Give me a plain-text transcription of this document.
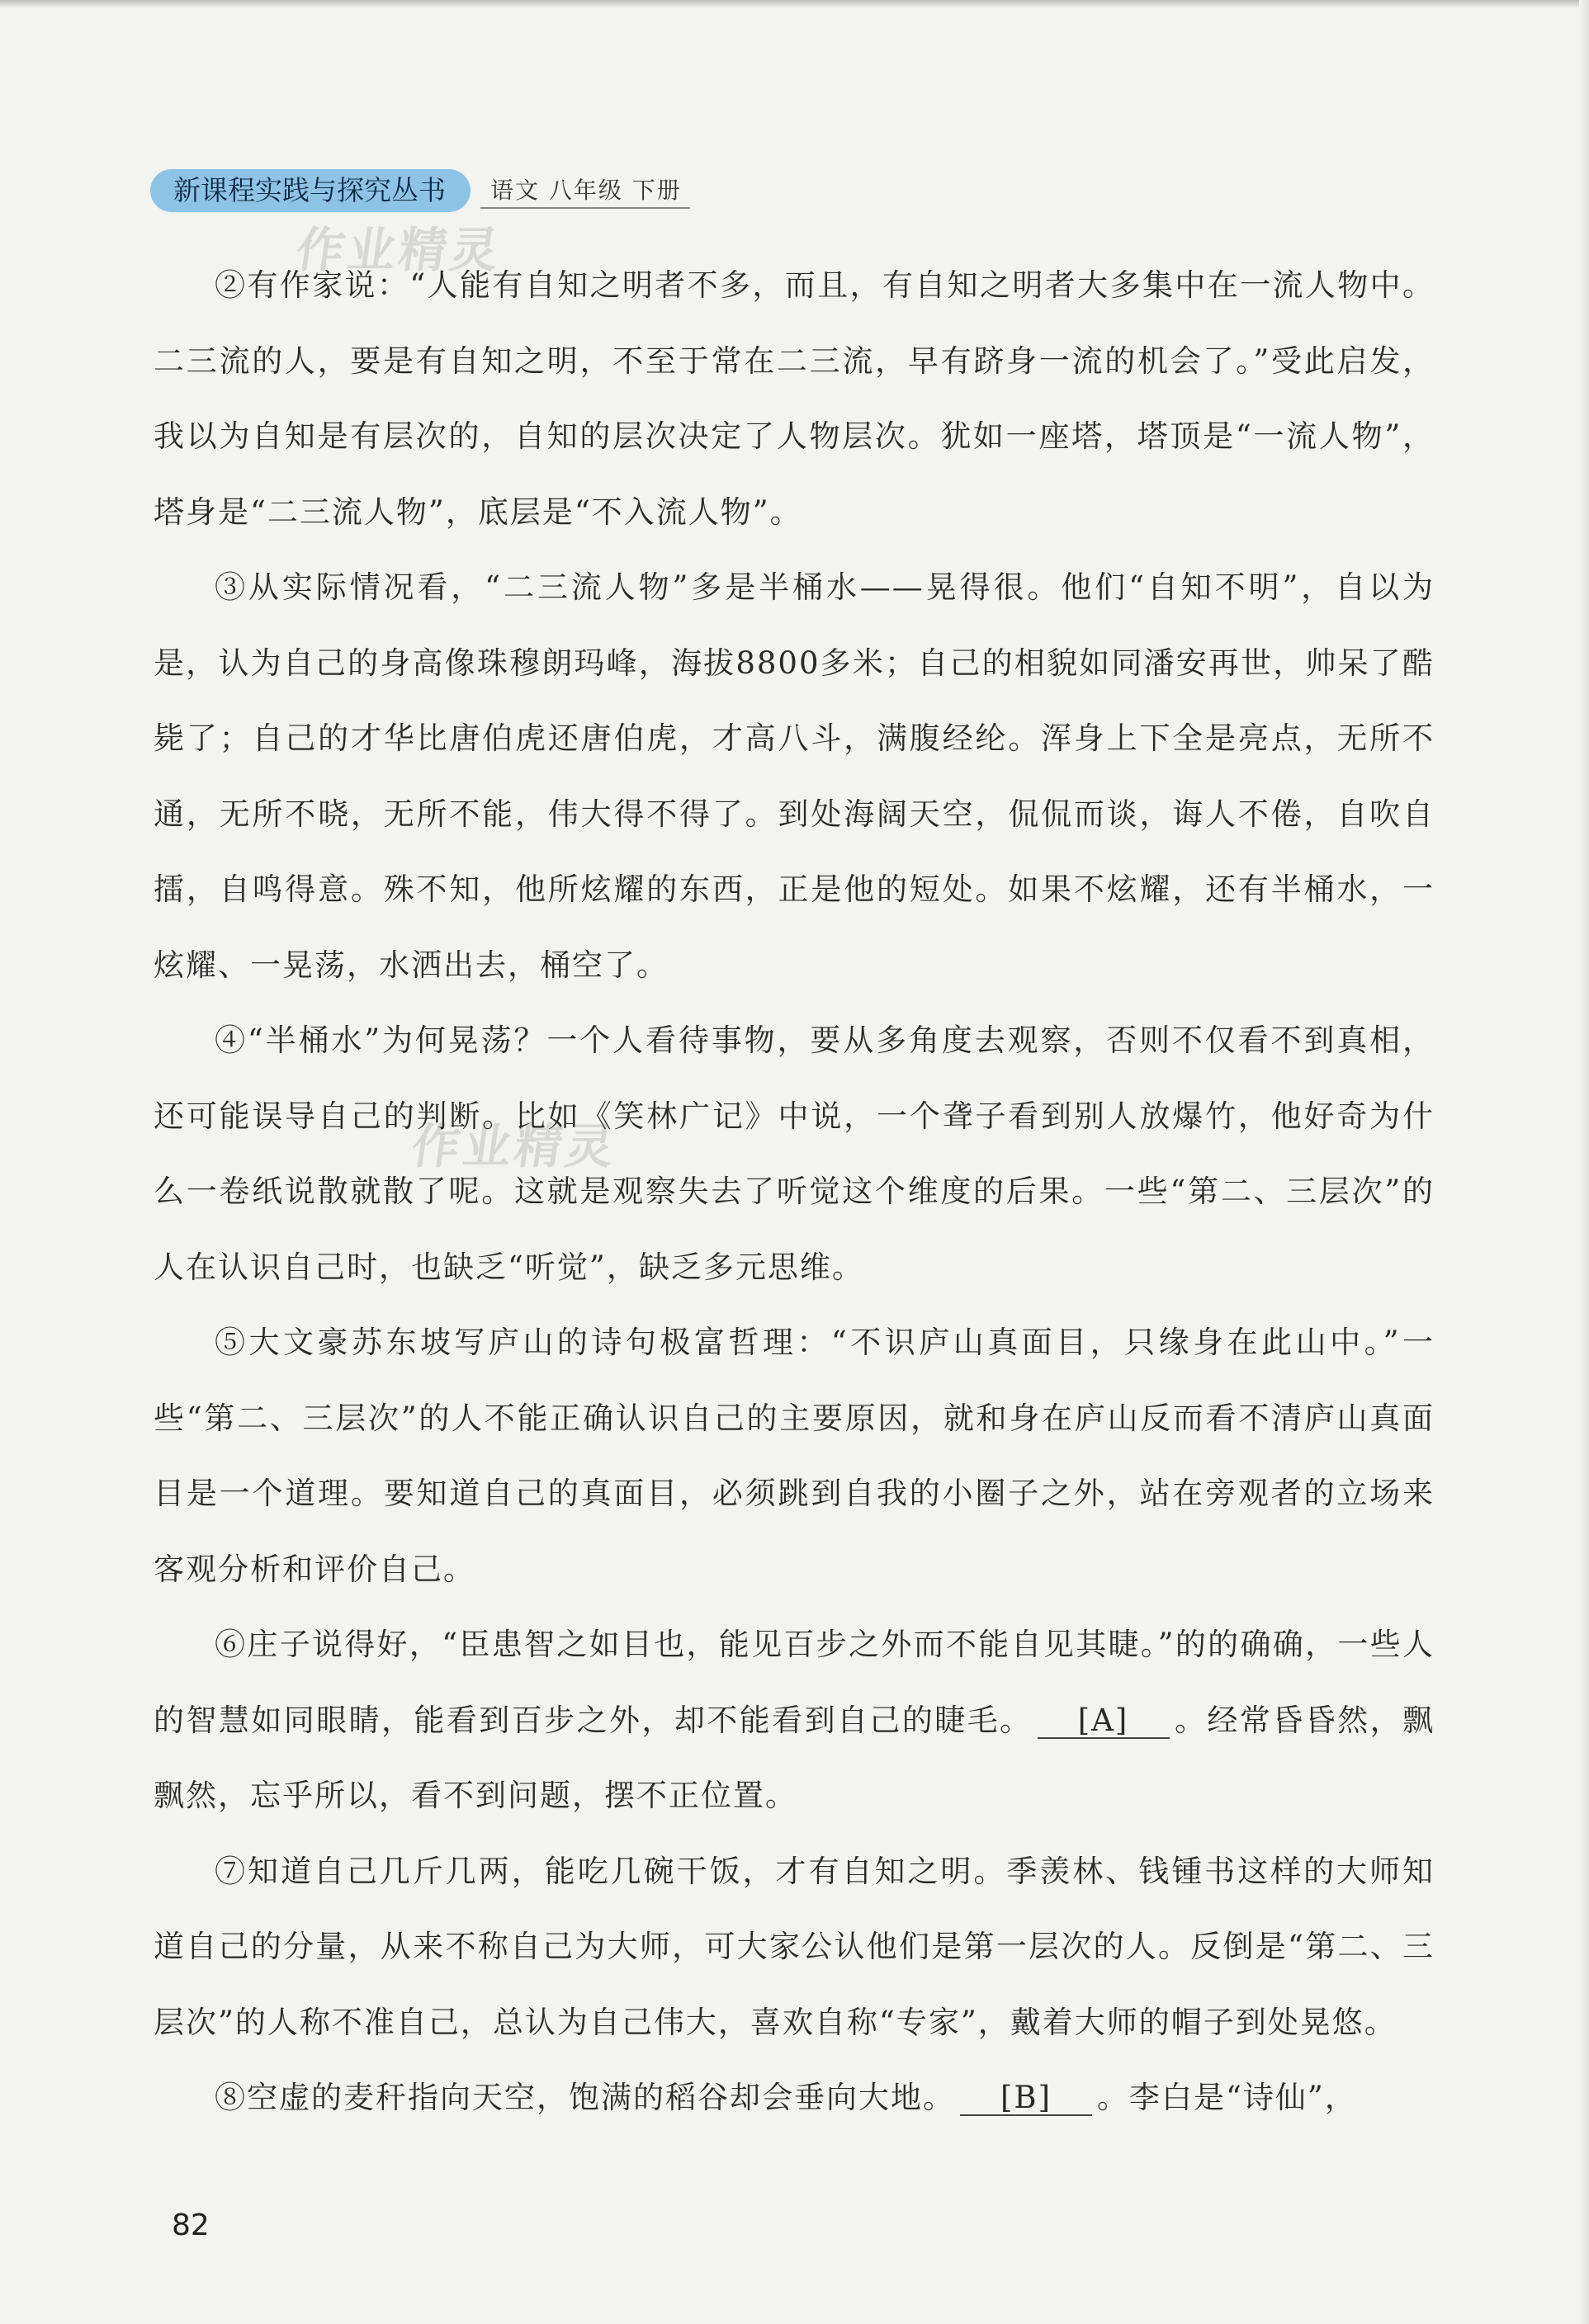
新课程实践与探究丛书	语文 八年级 下册
作业精灵
作业精灵

②有作家说：“人能有自知之明者不多，而且，有自知之明者大多集中在一流人物中。二三流的人，要是有自知之明，不至于常在二三流，早有跻身一流的机会了。”受此启发，我以为自知是有层次的，自知的层次决定了人物层次。犹如一座塔，塔顶是“一流人物”，塔身是“二三流人物”，底层是“不入流人物”。

③从实际情况看，“二三流人物”多是半桶水——晃得很。他们“自知不明”，自以为是，认为自己的身高像珠穆朗玛峰，海拔8800多米；自己的相貌如同潘安再世，帅呆了酷毙了；自己的才华比唐伯虎还唐伯虎，才高八斗，满腹经纶。浑身上下全是亮点，无所不通，无所不晓，无所不能，伟大得不得了。到处海阔天空，侃侃而谈，诲人不倦，自吹自擂，自鸣得意。殊不知，他所炫耀的东西，正是他的短处。如果不炫耀，还有半桶水，一炫耀、一晃荡，水洒出去，桶空了。

④“半桶水”为何晃荡？一个人看待事物，要从多角度去观察，否则不仅看不到真相，还可能误导自己的判断。比如《笑林广记》中说，一个聋子看到别人放爆竹，他好奇为什么一卷纸说散就散了呢。这就是观察失去了听觉这个维度的后果。一些“第二、三层次”的人在认识自己时，也缺乏“听觉”，缺乏多元思维。

⑤大文豪苏东坡写庐山的诗句极富哲理：“不识庐山真面目，只缘身在此山中。”一些“第二、三层次”的人不能正确认识自己的主要原因，就和身在庐山反而看不清庐山真面目是一个道理。要知道自己的真面目，必须跳到自我的小圈子之外，站在旁观者的立场来客观分析和评价自己。

⑥庄子说得好，“臣患智之如目也，能见百步之外而不能自见其睫。”的的确确，一些人的智慧如同眼睛，能看到百步之外，却不能看到自己的睫毛。 [A] 。经常昏昏然，飘飘然，忘乎所以，看不到问题，摆不正位置。

⑦知道自己几斤几两，能吃几碗干饭，才有自知之明。季羡林、钱锺书这样的大师知道自己的分量，从来不称自己为大师，可大家公认他们是第一层次的人。反倒是“第二、三层次”的人称不准自己，总认为自己伟大，喜欢自称“专家”，戴着大师的帽子到处晃悠。

⑧空虚的麦秆指向天空，饱满的稻谷却会垂向大地。 [B] 。李白是“诗仙”，

82
